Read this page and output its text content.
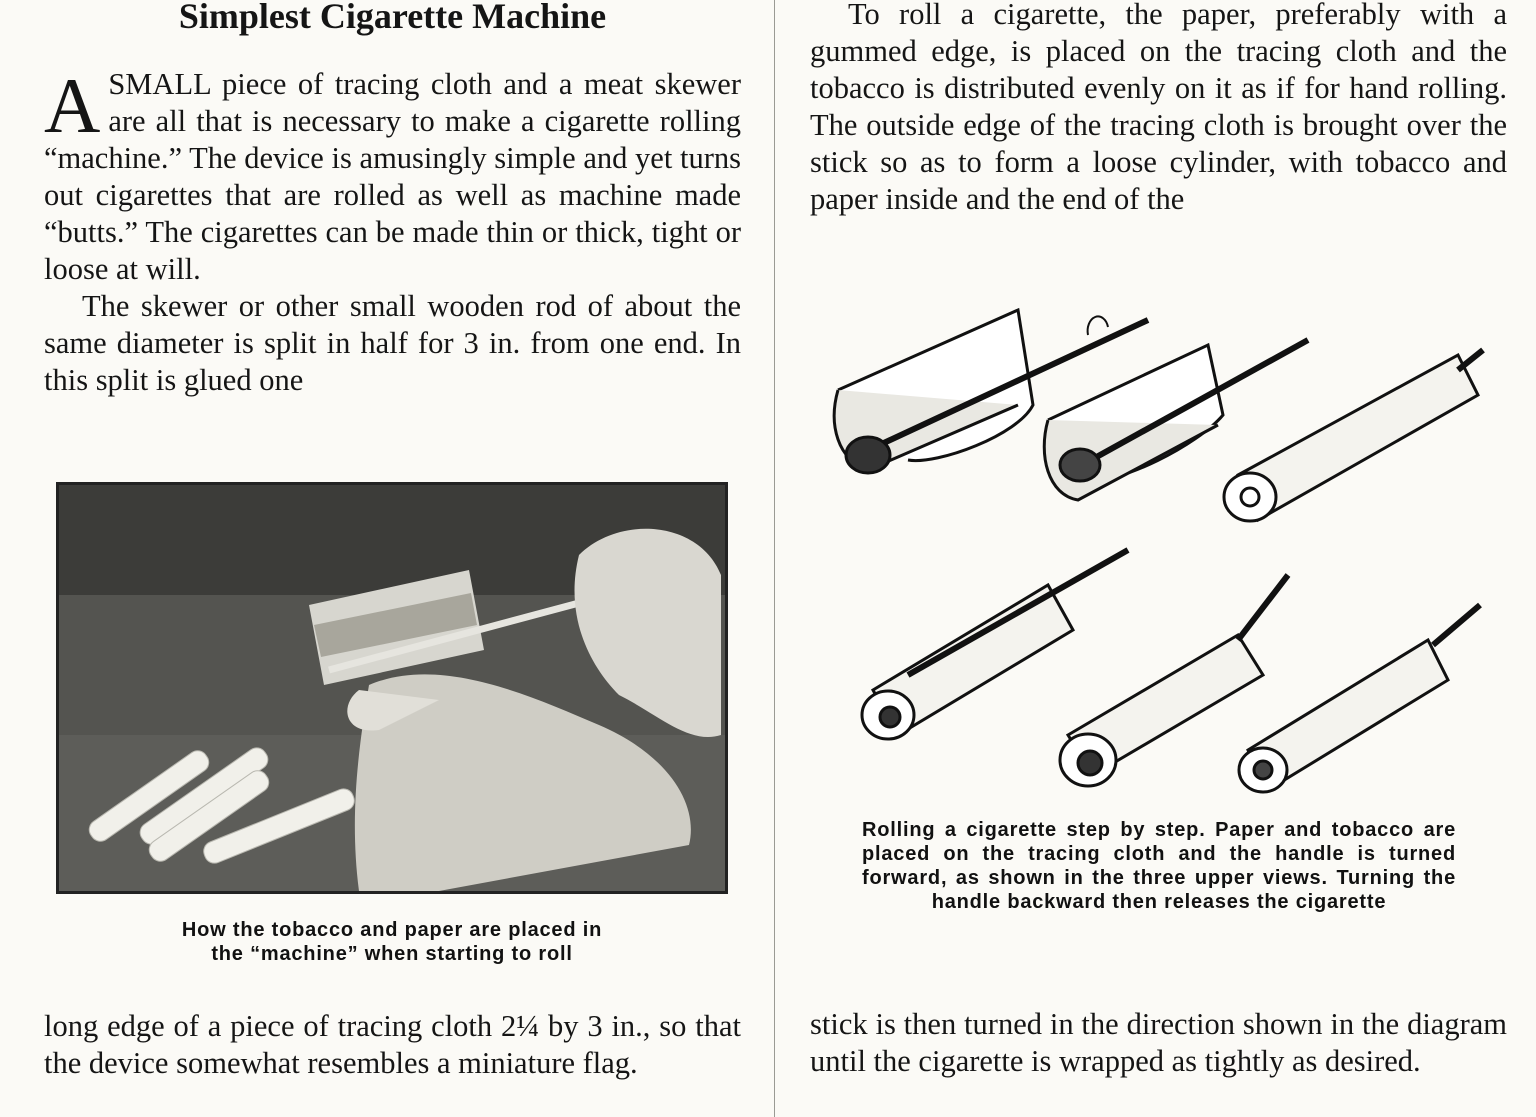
Simplest Cigarette Machine

ASMALL piece of tracing cloth and a meat skewer are all that is necessary to make a cigarette rolling “machine.” The device is amusingly simple and yet turns out cigarettes that are rolled as well as machine made “butts.” The cigarettes can be made thin or thick, tight or loose at will.

The skewer or other small wooden rod of about the same diameter is split in half for 3 in. from one end. In this split is glued one

long edge of a piece of tracing cloth 2¼ by 3 in., so that the device somewhat resembles a miniature flag.

How the tobacco and paper are placed in
the “machine” when starting to roll

To roll a cigarette, the paper, preferably with a gummed edge, is placed on the tracing cloth and the tobacco is distributed evenly on it as if for hand rolling. The outside edge of the tracing cloth is brought over the stick so as to form a loose cylinder, with tobacco and paper inside and the end of the

stick is then turned in the direction shown in the diagram until the cigarette is wrapped as tightly as desired.

Rolling a cigarette step by step. Paper and tobacco are placed on the tracing cloth and the handle is turned forward, as shown in the three upper views. Turning the handle backward then releases the cigarette
